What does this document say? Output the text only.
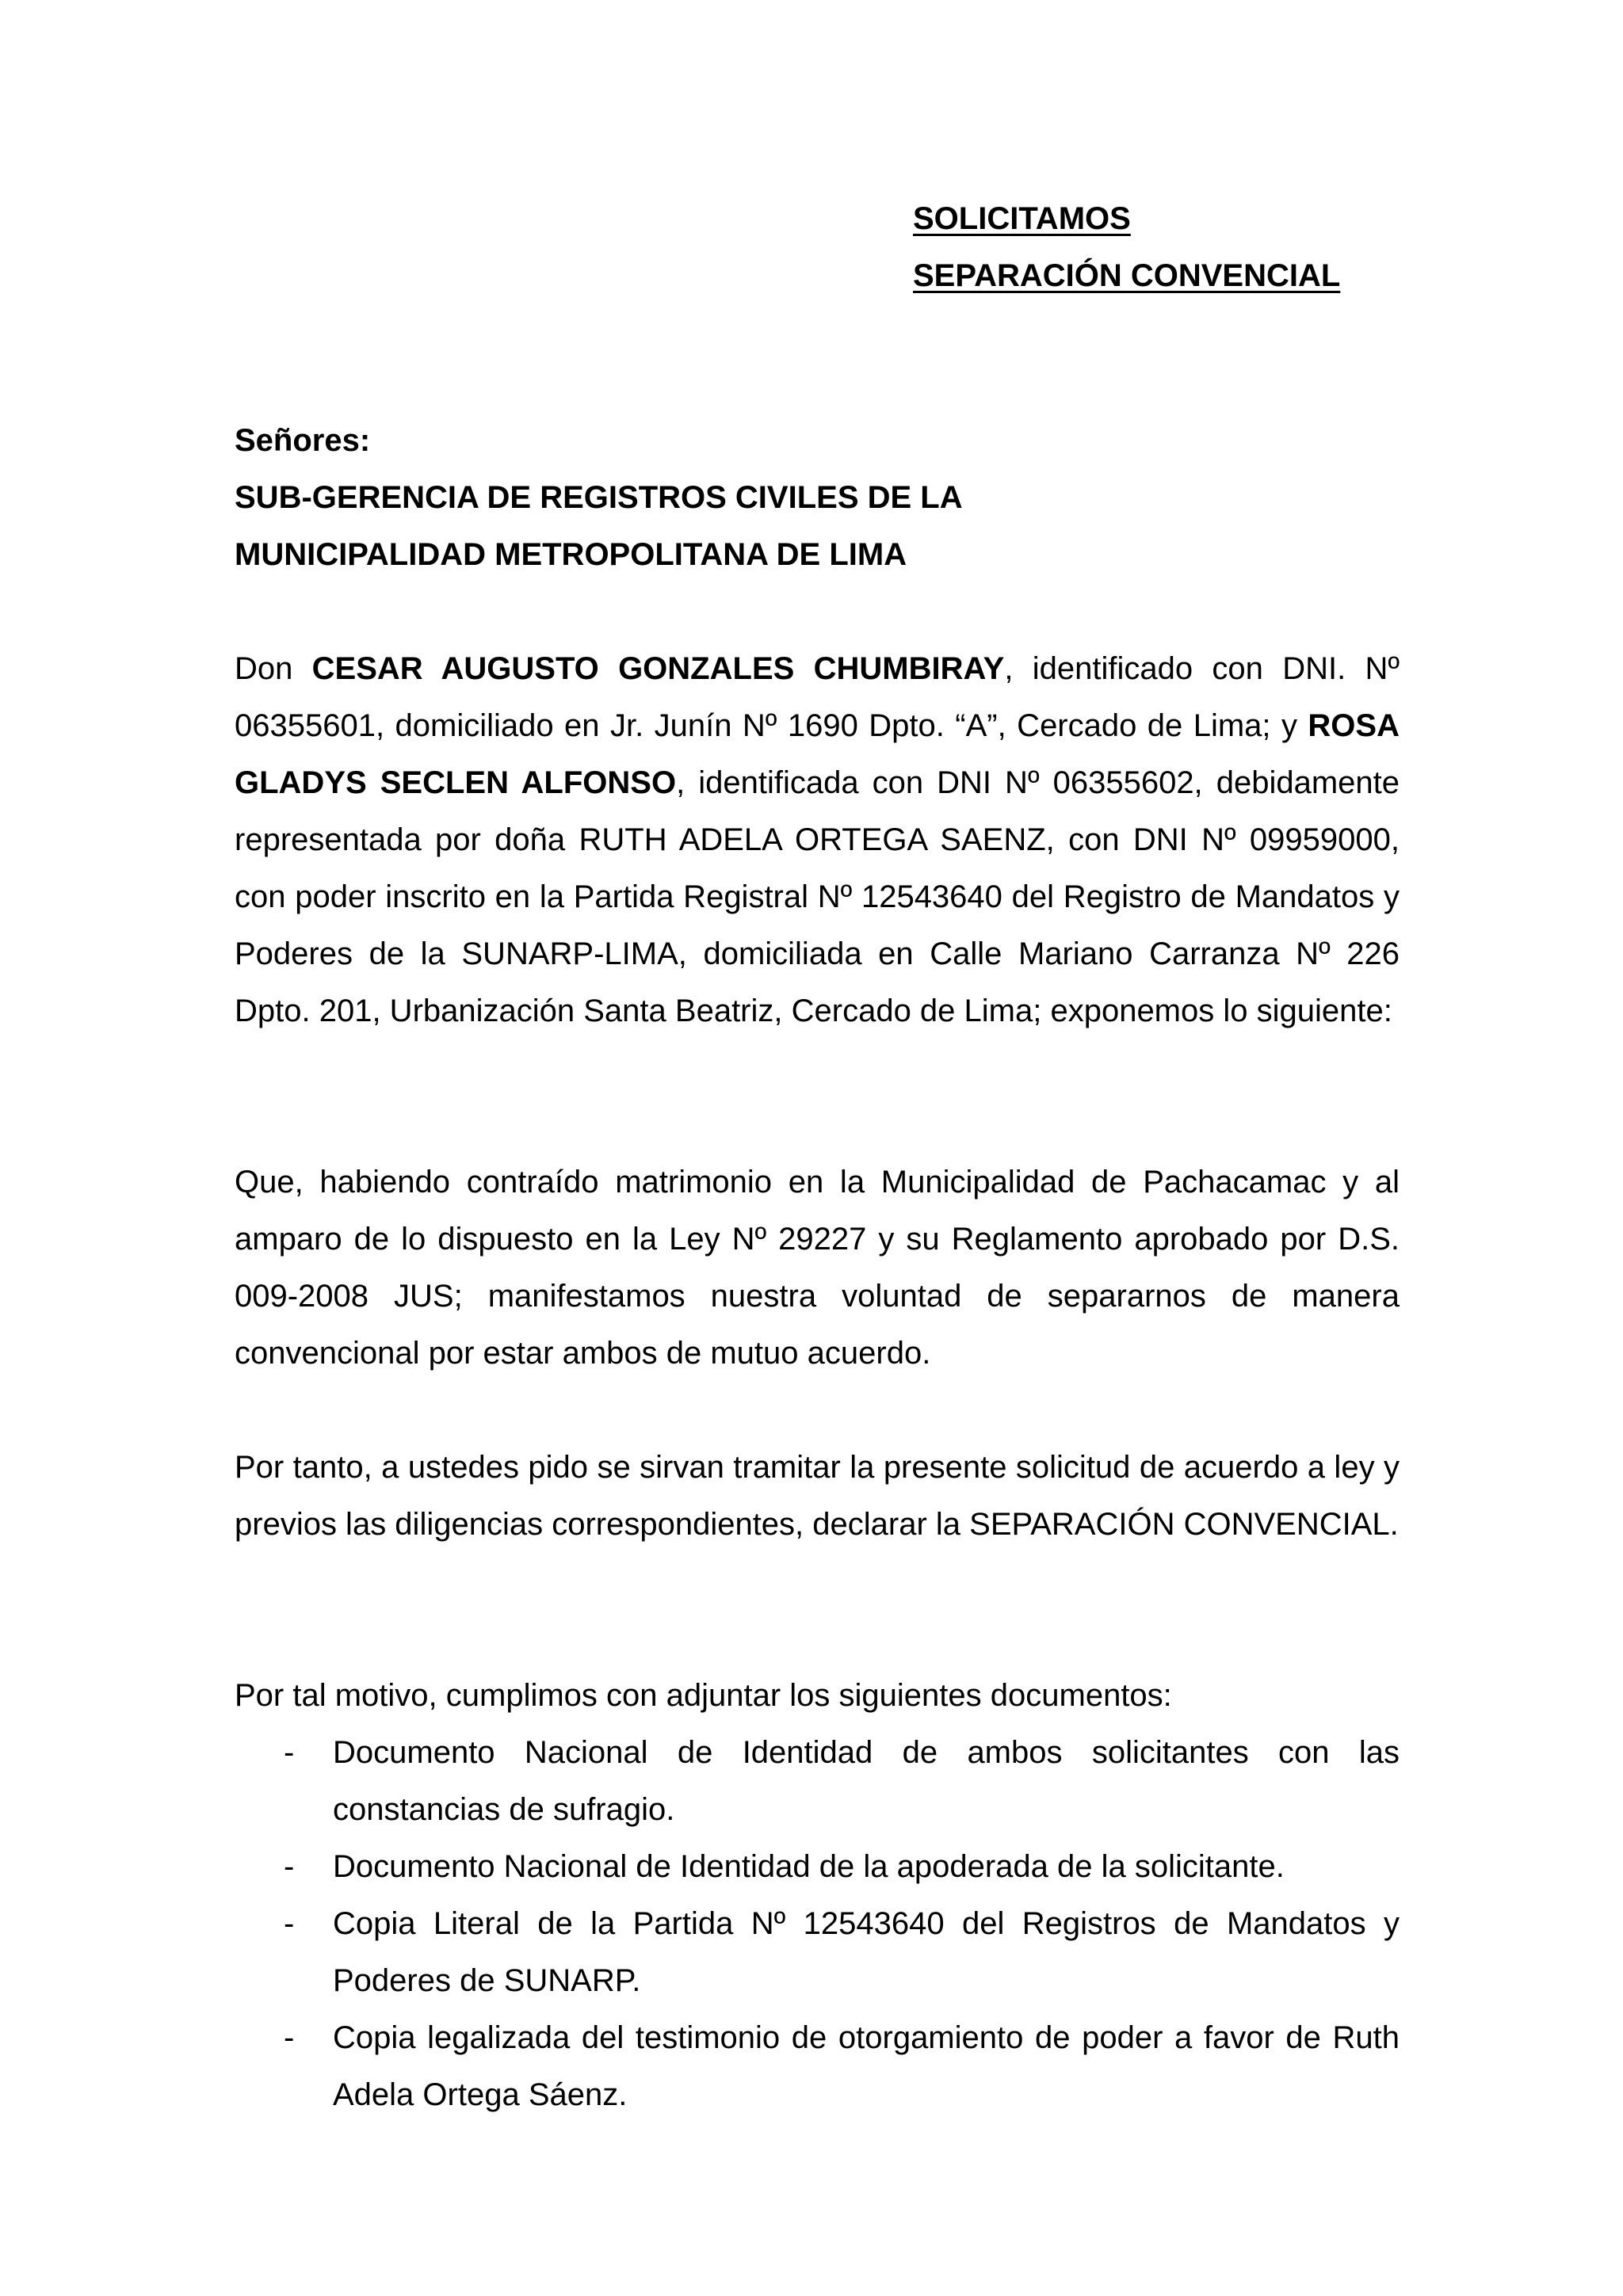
SOLICITAMOS
SEPARACIÓN CONVENCIAL
Señores:
SUB-GERENCIA DE REGISTROS CIVILES DE LA
MUNICIPALIDAD METROPOLITANA DE LIMA

Don CESAR AUGUSTO GONZALES CHUMBIRAY, identificado con DNI. Nº 06355601, domiciliado en Jr. Junín Nº 1690 Dpto. “A”, Cercado de Lima; y ROSA GLADYS SECLEN ALFONSO, identificada con DNI Nº 06355602, debidamente representada por doña RUTH ADELA ORTEGA SAENZ, con DNI Nº 09959000, con poder inscrito en la Partida Registral Nº 12543640 del Registro de Mandatos y Poderes de la SUNARP-LIMA, domiciliada en Calle Mariano Carranza Nº 226 Dpto. 201, Urbanización Santa Beatriz, Cercado de Lima; exponemos lo siguiente:

Que, habiendo contraído matrimonio en la Municipalidad de Pachacamac y al amparo de lo dispuesto en la Ley Nº 29227 y su Reglamento aprobado por D.S. 009-2008 JUS; manifestamos nuestra voluntad de separarnos de manera convencional por estar ambos de mutuo acuerdo.

Por tanto, a ustedes pido se sirvan tramitar la presente solicitud de acuerdo a ley y previos las diligencias correspondientes, declarar la SEPARACIÓN CONVENCIAL.

Por tal motivo, cumplimos con adjuntar los siguientes documentos:

- Documento Nacional de Identidad de ambos solicitantes con las constancias de sufragio.
- Documento Nacional de Identidad de la apoderada de la solicitante.
- Copia Literal de la Partida Nº 12543640 del Registros de Mandatos y Poderes de SUNARP.
- Copia legalizada del testimonio de otorgamiento de poder a favor de Ruth Adela Ortega Sáenz.
